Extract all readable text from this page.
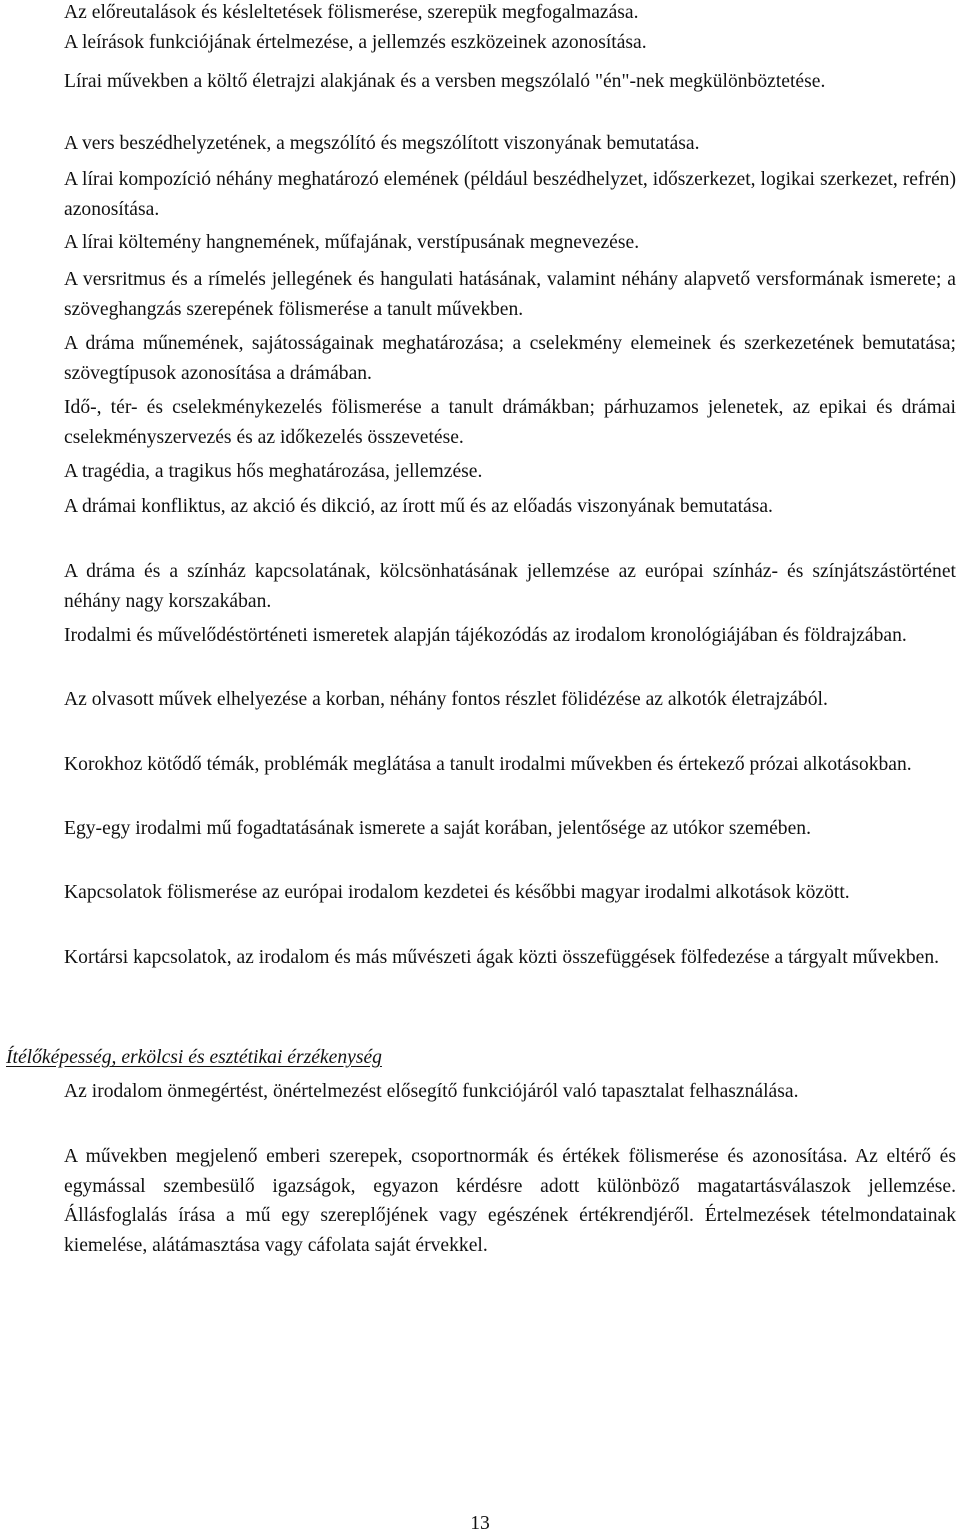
Az előreutalások és késleltetések fölismerése, szerepük megfogalmazása.
A leírások funkciójának értelmezése, a jellemzés eszközeinek azonosítása.
Lírai művekben a költő életrajzi alakjának és a versben megszólaló "én"-nek megkülönböztetése.
A vers beszédhelyzetének, a megszólító és megszólított viszonyának bemutatása.
A lírai kompozíció néhány meghatározó elemének (például beszédhelyzet, időszerkezet, logikai szerkezet, refrén) azonosítása.
A lírai költemény hangnemének, műfajának, verstípusának megnevezése.
A versritmus és a rímelés jellegének és hangulati hatásának, valamint néhány alapvető versformának ismerete; a szöveghangzás szerepének fölismerése a tanult művekben.
A dráma műnemének, sajátosságainak meghatározása; a cselekmény elemeinek és szerkezetének bemutatása; szövegtípusok azonosítása a drámában.
Idő-, tér- és cselekménykezelés fölismerése a tanult drámákban; párhuzamos jelenetek, az epikai és drámai cselekményszervezés és az időkezelés összevetése.
A tragédia, a tragikus hős meghatározása, jellemzése.
A drámai konfliktus, az akció és dikció, az írott mű és az előadás viszonyának bemutatása.
A dráma és a színház kapcsolatának, kölcsönhatásának jellemzése az európai színház- és színjátszástörténet néhány nagy korszakában.
Irodalmi és művelődéstörténeti ismeretek alapján tájékozódás az irodalom kronológiájában és földrajzában.
Az olvasott művek elhelyezése a korban, néhány fontos részlet fölidézése az alkotók életrajzából.
Korokhoz kötődő témák, problémák meglátása a tanult irodalmi művekben és értekező prózai alkotásokban.
Egy-egy irodalmi mű fogadtatásának ismerete a saját korában, jelentősége az utókor szemében.
Kapcsolatok fölismerése az európai irodalom kezdetei és későbbi magyar irodalmi alkotások között.
Kortársi kapcsolatok, az irodalom és más művészeti ágak közti összefüggések fölfedezése a tárgyalt művekben.
Ítélőképesség, erkölcsi és esztétikai érzékenység
Az irodalom önmegértést, önértelmezést elősegítő funkciójáról való tapasztalat felhasználása.
A művekben megjelenő emberi szerepek, csoportnormák és értékek fölismerése és azonosítása. Az eltérő és egymással szembesülő igazságok, egyazon kérdésre adott különböző magatartásválaszok jellemzése. Állásfoglalás írása a mű egy szereplőjének vagy egészének értékrendjéről. Értelmezések tételmondatainak kiemelése, alátámasztása vagy cáfolata saját érvekkel.
13
